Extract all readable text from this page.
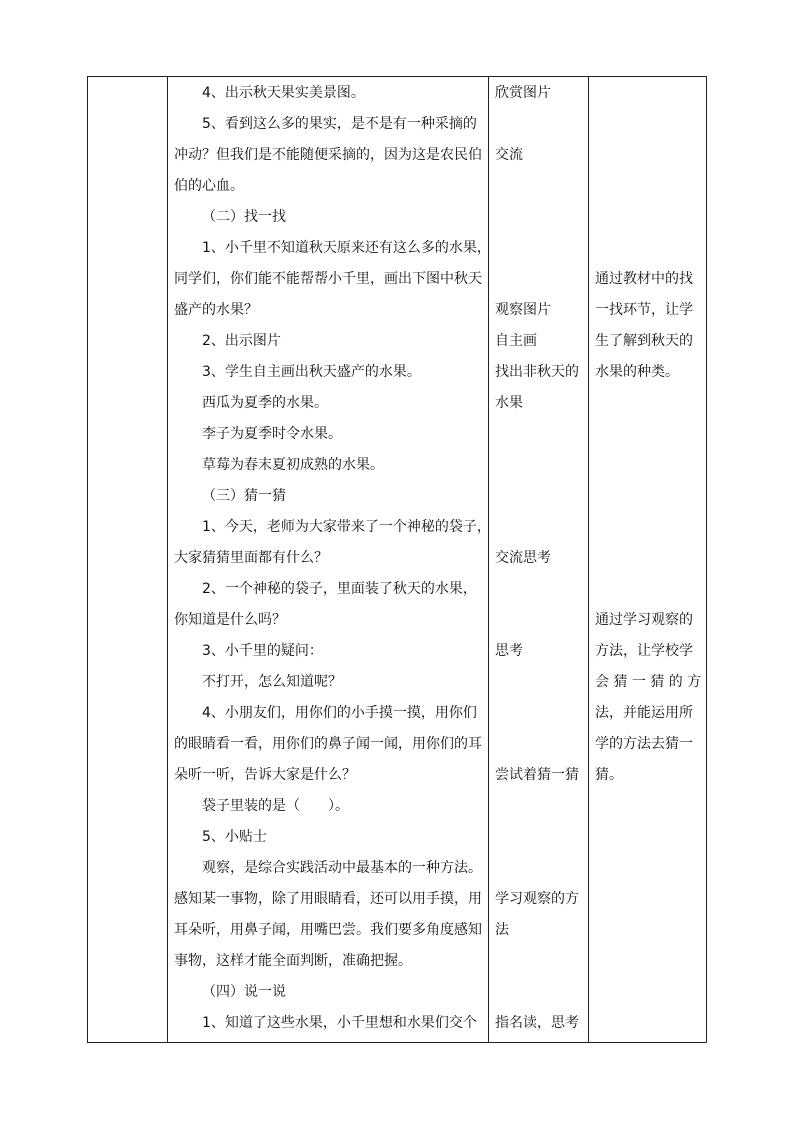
4、出示秋天果实美景图。
5、看到这么多的果实，是不是有一种采摘的
冲动？但我们是不能随便采摘的，因为这是农民伯
伯的心血。
（二）找一找
1、小千里不知道秋天原来还有这么多的水果，
同学们，你们能不能帮帮小千里，画出下图中秋天
盛产的水果？
2、出示图片
3、学生自主画出秋天盛产的水果。
西瓜为夏季的水果。
李子为夏季时令水果。
草莓为春末夏初成熟的水果。
（三）猜一猜
1、今天，老师为大家带来了一个神秘的袋子，
大家猜猜里面都有什么？
2、一个神秘的袋子，里面装了秋天的水果，
你知道是什么吗？
3、小千里的疑问：
不打开，怎么知道呢？
4、小朋友们，用你们的小手摸一摸，用你们
的眼睛看一看，用你们的鼻子闻一闻，用你们的耳
朵听一听，告诉大家是什么？
袋子里装的是（　　）。
5、小贴士
观察，是综合实践活动中最基本的一种方法。
感知某一事物，除了用眼睛看，还可以用手摸，用
耳朵听，用鼻子闻，用嘴巴尝。我们要多角度感知
事物，这样才能全面判断，准确把握。
（四）说一说
1、知道了这些水果，小千里想和水果们交个
欣赏图片
交流
观察图片
自主画
找出非秋天的
水果
交流思考
思考
尝试着猜一猜
学习观察的方
法
指名读，思考
通过教材中的找
一找环节，让学
生了解到秋天的
水果的种类。
通过学习观察的
方法，让学校学
会 猜 一 猜 的 方
法，并能运用所
学的方法去猜一
猜。
